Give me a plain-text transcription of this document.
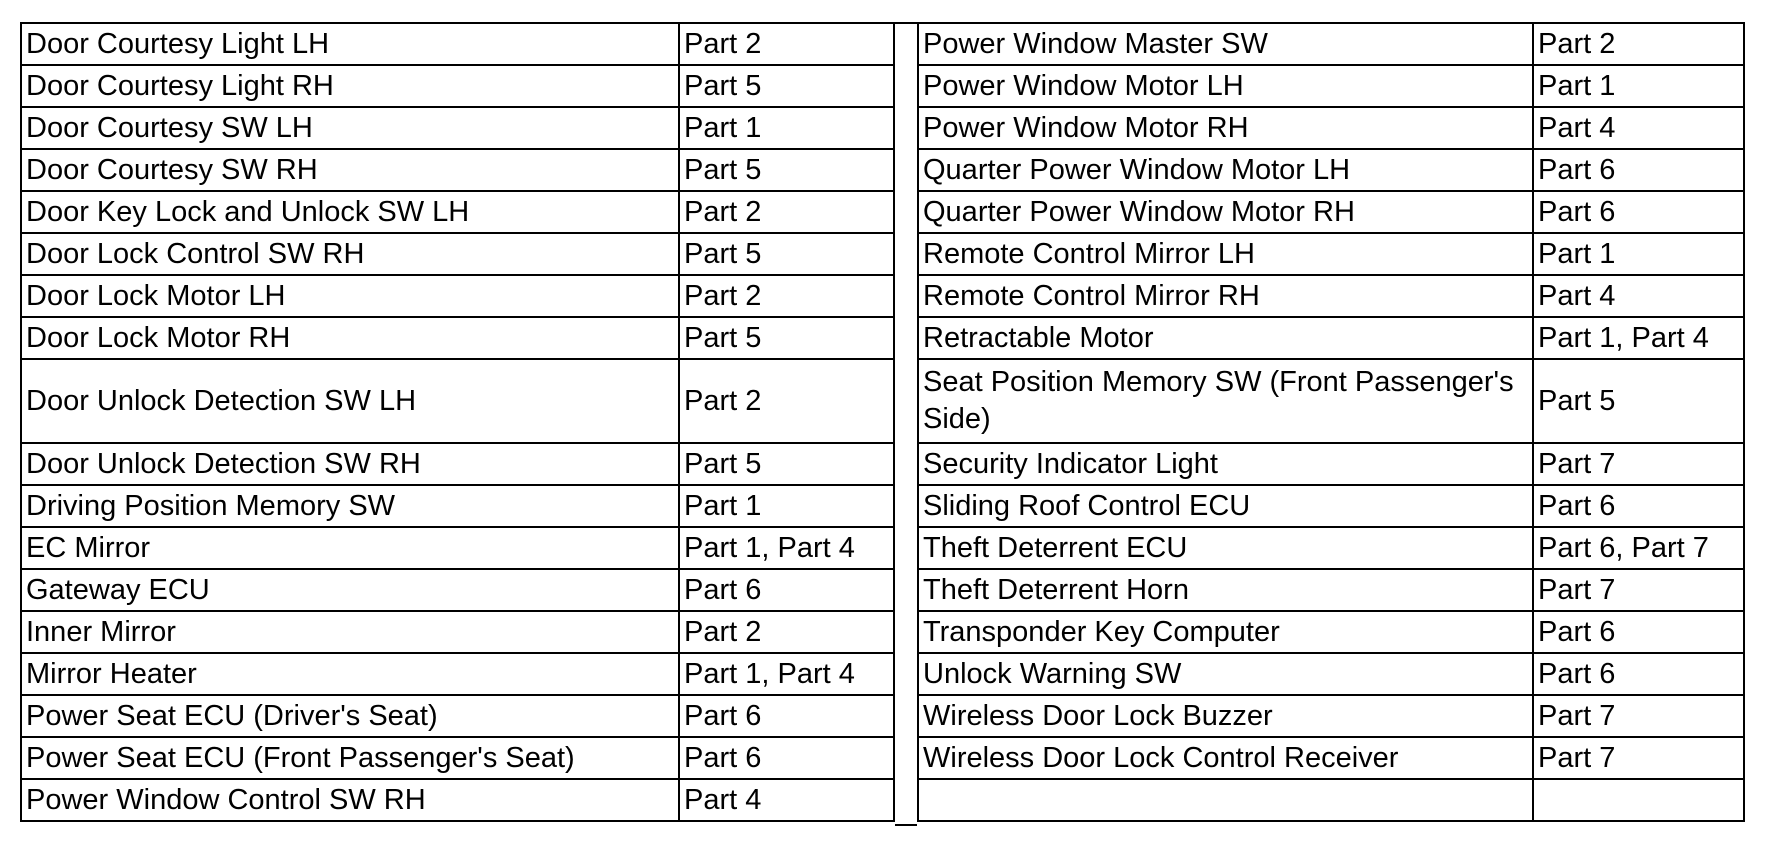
Door Courtesy Light LH	Part 2
Door Courtesy Light RH	Part 5
Door Courtesy SW LH	Part 1
Door Courtesy SW RH	Part 5
Door Key Lock and Unlock SW LH	Part 2
Door Lock Control SW RH	Part 5
Door Lock Motor LH	Part 2
Door Lock Motor RH	Part 5
Door Unlock Detection SW LH	Part 2
Door Unlock Detection SW RH	Part 5
Driving Position Memory SW	Part 1
EC Mirror	Part 1, Part 4
Gateway ECU	Part 6
Inner Mirror	Part 2
Mirror Heater	Part 1, Part 4
Power Seat ECU (Driver's Seat)	Part 6
Power Seat ECU (Front Passenger's Seat)	Part 6
Power Window Control SW RH	Part 4
Power Window Master SW	Part 2
Power Window Motor LH	Part 1
Power Window Motor RH	Part 4
Quarter Power Window Motor LH	Part 6
Quarter Power Window Motor RH	Part 6
Remote Control Mirror LH	Part 1
Remote Control Mirror RH	Part 4
Retractable Motor	Part 1, Part 4
Seat Position Memory SW (Front Passenger's Side)	Part 5
Security Indicator Light	Part 7
Sliding Roof Control ECU	Part 6
Theft Deterrent ECU	Part 6, Part 7
Theft Deterrent Horn	Part 7
Transponder Key Computer	Part 6
Unlock Warning SW	Part 6
Wireless Door Lock Buzzer	Part 7
Wireless Door Lock Control Receiver	Part 7
